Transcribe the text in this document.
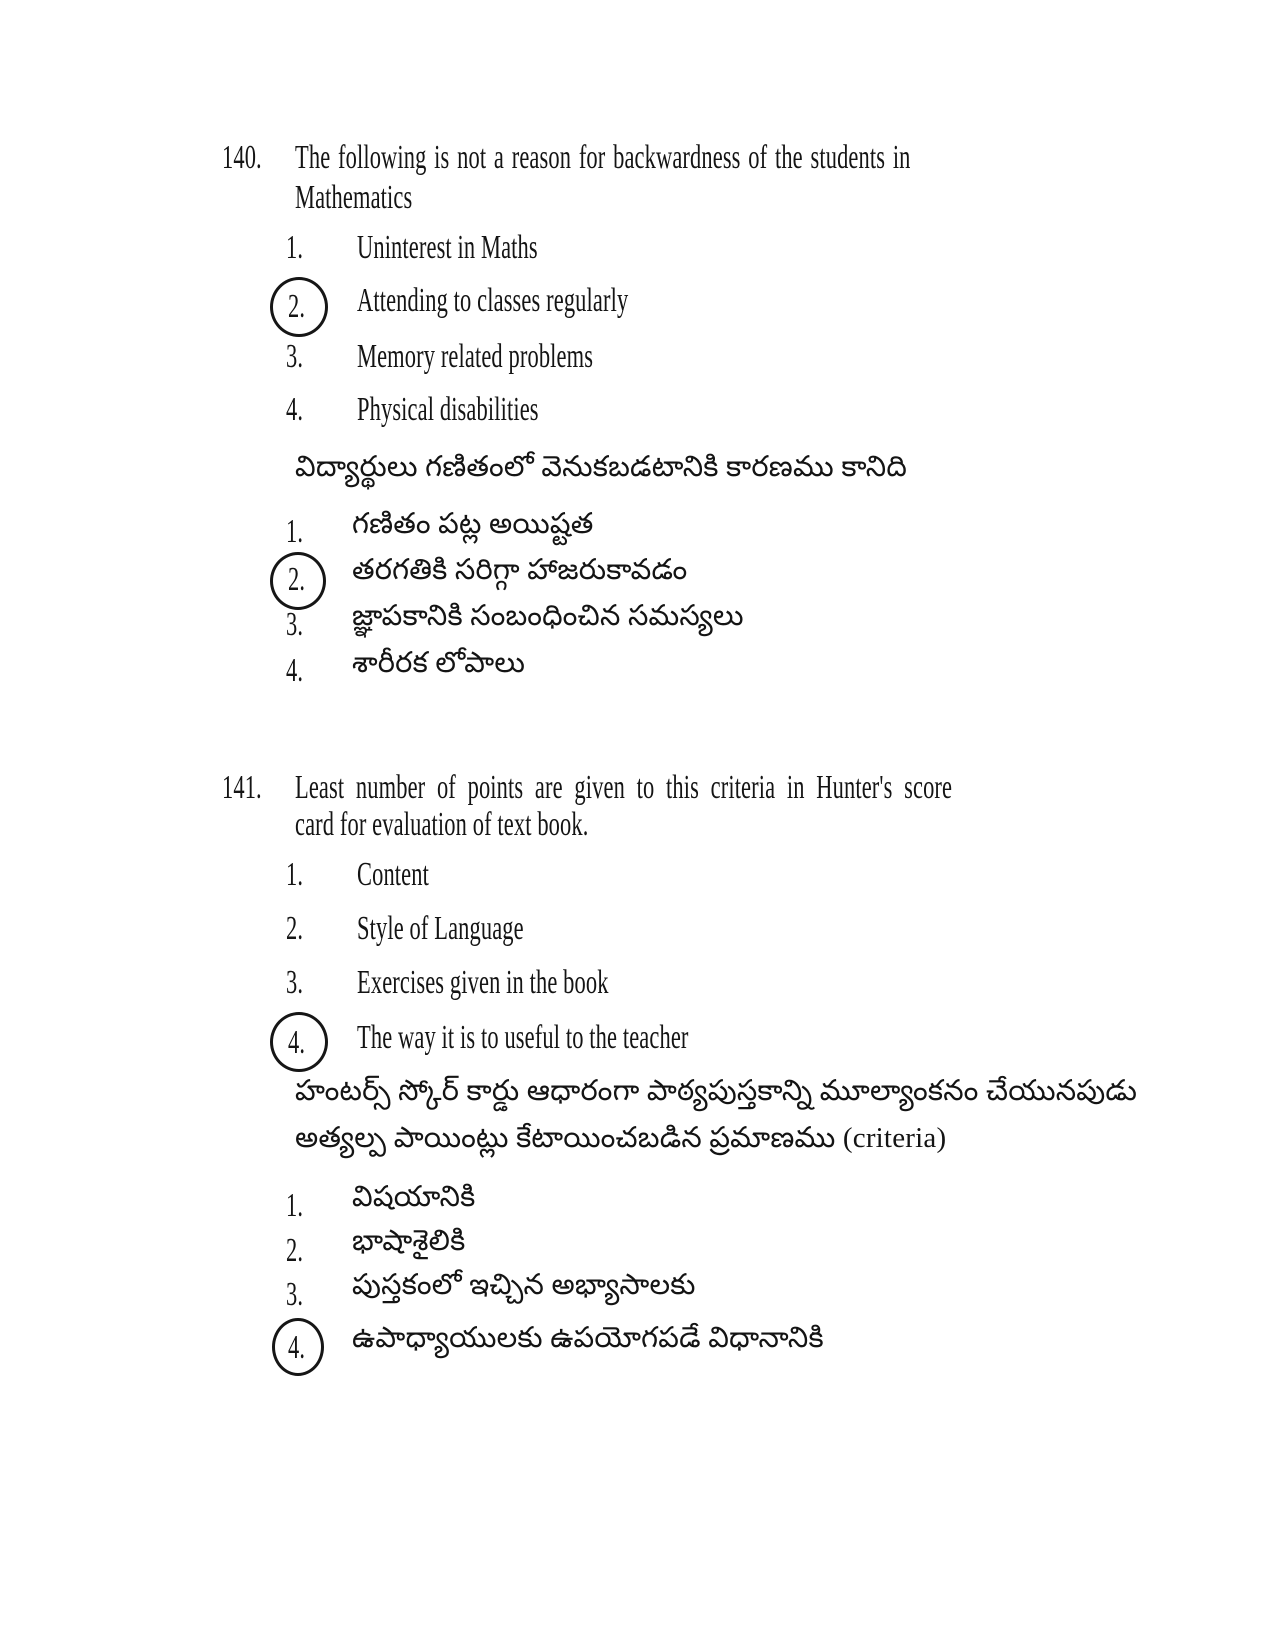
140. The following is not a reason for backwardness of the students in
Mathematics
1. Uninterest in Maths
2. Attending to classes regularly
3. Memory related problems
4. Physical disabilities
విద్యార్థులు గణితంలో వెనుకబడటానికి కారణము కానిది
1. గణితం పట్ల అయిష్టత
2. తరగతికి సరిగ్గా హాజరుకావడం
3. జ్ఞాపకానికి సంబంధించిన సమస్యలు
4. శారీరక లోపాలు
141. Least number of points are given to this criteria in Hunter's score
card for evaluation of text book.
1. Content
2. Style of Language
3. Exercises given in the book
4. The way it is to useful to the teacher
హంటర్స్ స్కోర్ కార్డు ఆధారంగా పాఠ్యపుస్తకాన్ని మూల్యాంకనం చేయునపుడు
అత్యల్ప పాయింట్లు కేటాయించబడిన ప్రమాణము (criteria)
1. విషయానికి
2. భాషాశైలికి
3. పుస్తకంలో ఇచ్చిన అభ్యాసాలకు
4. ఉపాధ్యాయులకు ఉపయోగపడే విధానానికి
